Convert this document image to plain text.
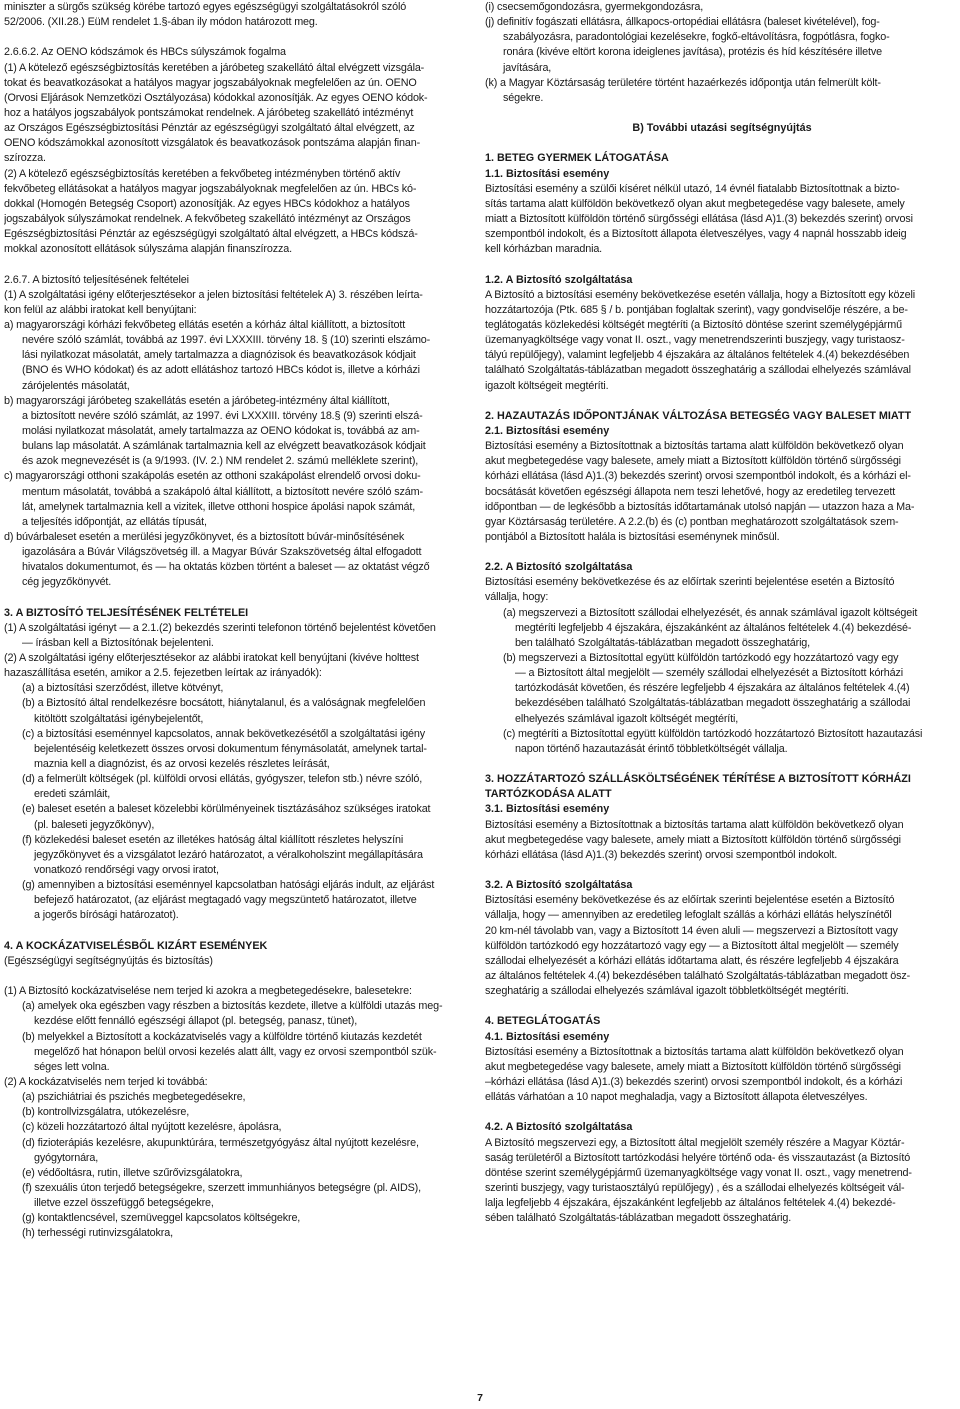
miniszter a sürgős szükség körébe tartozó egyes egészségügyi szolgáltatásokról szóló
52/2006. (XII.28.) EüM rendelet 1.§-ában ily módon határozott meg.
2.6.6.2. Az OENO kódszámok és HBCs súlyszámok fogalma
(1) A kötelező egészségbiztosítás keretében a járóbeteg szakellátó által elvégzett vizsgála-
tokat és beavatkozásokat a hatályos magyar jogszabályoknak megfelelően az ún. OENO
(Orvosi Eljárások Nemzetközi Osztályozása) kódokkal azonosítják. Az egyes OENO kódok-
hoz a hatályos jogszabályok pontszámokat rendelnek. A járóbeteg szakellátó intézményt
az Országos Egészségbiztosítási Pénztár az egészségügyi szolgáltató által elvégzett, az
OENO kódszámokkal azonosított vizsgálatok és beavatkozások pontszáma alapján finan-
szírozza.
(2) A kötelező egészségbiztosítás keretében a fekvőbeteg intézményben történő aktív
fekvőbeteg ellátásokat a hatályos magyar jogszabályoknak megfelelően az ún. HBCs kó-
dokkal (Homogén Betegség Csoport) azonosítják. Az egyes HBCs kódokhoz a hatályos
jogszabályok súlyszámokat rendelnek. A fekvőbeteg szakellátó intézményt az Országos
Egészségbiztosítási Pénztár az egészségügyi szolgáltató által elvégzett, a HBCs kódszá-
mokkal azonosított ellátások súlyszáma alapján finanszírozza.
2.6.7. A biztosító teljesítésének feltételei
(1) A szolgáltatási igény előterjesztésekor a jelen biztosítási feltételek A) 3. részében leírta-
kon felül az alábbi iratokat kell benyújtani:
a) magyarországi kórházi fekvőbeteg ellátás esetén a kórház által kiállított, a biztosított
nevére szóló számlát, továbbá az 1997. évi LXXXIII. törvény 18. § (10) szerinti elszámo-
lási nyilatkozat másolatát, amely tartalmazza a diagnózisok és beavatkozások kódjait
(BNO és WHO kódokat) és az adott ellátáshoz tartozó HBCs kódot is, illetve a kórházi
zárójelentés másolatát,
b) magyarországi járóbeteg szakellátás esetén a járóbeteg-intézmény által kiállított,
a biztosított nevére szóló számlát, az 1997. évi LXXXIII. törvény 18.§ (9) szerinti elszá-
molási nyilatkozat másolatát, amely tartalmazza az OENO kódokat is, továbbá az am-
bulans lap másolatát. A számlának tartalmaznia kell az elvégzett beavatkozások kódjait
és azok megnevezését is (a 9/1993. (IV. 2.) NM rendelet 2. számú melléklete szerint),
c) magyarországi otthoni szakápolás esetén az otthoni szakápolást elrendelő orvosi doku-
mentum másolatát, továbbá a szakápoló által kiállított, a biztosított nevére szóló szám-
lát, amelynek tartalmaznia kell a vizitek, illetve otthoni hospice ápolási napok számát,
a teljesítés időpontját, az ellátás típusát,
d) búvárbaleset esetén a merülési jegyzőkönyvet, és a biztosított búvár-minősítésének
igazolására a Búvár Világszövetség ill. a Magyar Búvár Szakszövetség által elfogadott
hivatalos dokumentumot, és — ha oktatás közben történt a baleset — az oktatást végző
cég jegyzőkönyvét.
3. A BIZTOSÍTÓ TELJESÍTÉSÉNEK FELTÉTELEI
(1) A szolgáltatási igényt — a 2.1.(2) bekezdés szerinti telefonon történő bejelentést követően
— írásban kell a Biztosítónak bejelenteni.
(2) A szolgáltatási igény előterjesztésekor az alábbi iratokat kell benyújtani (kivéve holttest
hazaszállítása esetén, amikor a 2.5. fejezetben leírtak az irányadók):
(a) a biztosítási szerződést, illetve kötvényt,
(b) a Biztosító által rendelkezésre bocsátott, hiánytalanul, és a valóságnak megfelelően
kitöltött szolgáltatási igénybejelentőt,
(c) a biztosítási eseménnyel kapcsolatos, annak bekövetkezésétől a szolgáltatási igény
bejelentéséig keletkezett összes orvosi dokumentum fénymásolatát, amelynek tartal-
maznia kell a diagnózist, és az orvosi kezelés részletes leírását,
(d) a felmerült költségek (pl. külföldi orvosi ellátás, gyógyszer, telefon stb.) névre szóló,
eredeti számláit,
(e) baleset esetén a baleset közelebbi körülményeinek tisztázásához szükséges iratokat
(pl. baleseti jegyzőkönyv),
(f) közlekedési baleset esetén az illetékes hatóság által kiállított részletes helyszíni
jegyzőkönyvet és a vizsgálatot lezáró határozatot, a véralkoholszint megállapítására
vonatkozó rendőrségi vagy orvosi iratot,
(g) amennyiben a biztosítási eseménnyel kapcsolatban hatósági eljárás indult, az eljárást
befejező határozatot, (az eljárást megtagadó vagy megszüntető határozatot, illetve
a jogerős bírósági határozatot).
4. A KOCKÁZATVISELÉSBŐL KIZÁRT ESEMÉNYEK
(Egészségügyi segítségnyújtás és biztosítás)
(1) A Biztosító kockázatviselése nem terjed ki azokra a megbetegedésekre, balesetekre:
(a) amelyek oka egészben vagy részben a biztosítás kezdete, illetve a külföldi utazás meg-
kezdése előtt fennálló egészségi állapot (pl. betegség, panasz, tünet),
(b) melyekkel a Biztosított a kockázatviselés vagy a külföldre történő kiutazás kezdetét
megelőző hat hónapon belül orvosi kezelés alatt állt, vagy ez orvosi szempontból szük-
séges lett volna.
(2) A kockázatviselés nem terjed ki továbbá:
(a) pszichiátriai és pszichés megbetegedésekre,
(b) kontrollvizsgálatra, utókezelésre,
(c) közeli hozzátartozó által nyújtott kezelésre, ápolásra,
(d) fizioterápiás kezelésre, akupunktúrára, természetgyógyász által nyújtott kezelésre,
gyógytornára,
(e) védőoltásra, rutin, illetve szűrővizsgálatokra,
(f) szexuális úton terjedő betegségekre, szerzett immunhiányos betegségre (pl. AIDS),
illetve ezzel összefüggő betegségekre,
(g) kontaktlencsével, szemüveggel kapcsolatos költségekre,
(h) terhességi rutinvizsgálatokra,
(i) csecsemőgondozásra, gyermekgondozásra,
(j) definitív fogászati ellátásra, állkapocs-ortopédiai ellátásra (baleset kivételével), fog-
szabályozásra, paradontológiai kezelésekre, fogkő-eltávolításra, fogpótlásra, fogko-
ronára (kivéve eltört korona ideiglenes javítása), protézis és híd készítésére illetve
javítására,
(k) a Magyar Köztársaság területére történt hazaérkezés időpontja után felmerült költ-
ségekre.
B) További utazási segítségnyújtás
1. BETEG GYERMEK LÁTOGATÁSA
1.1. Biztosítási esemény
Biztosítási esemény a szülői kíséret nélkül utazó, 14 évnél fiatalabb Biztosítottnak a bizto-
sítás tartama alatt külföldön bekövetkező olyan akut megbetegedése vagy balesete, amely
miatt a Biztosított külföldön történő sürgősségi ellátása (lásd A)1.(3) bekezdés szerint) orvosi
szempontból indokolt, és a Biztosított állapota életveszélyes, vagy 4 napnál hosszabb ideig
kell kórházban maradnia.
1.2. A Biztosító szolgáltatása
A Biztosító a biztosítási esemény bekövetkezése esetén vállalja, hogy a Biztosított egy közeli
hozzátartozója (Ptk. 685 § / b. pontjában foglaltak szerint), vagy gondviselője részére, a be-
teglátogatás közlekedési költségét megtéríti (a Biztosító döntése szerint személygépjármű
üzemanyagköltsége vagy vonat II. oszt., vagy menetrendszerinti buszjegy, vagy turistaosz-
tályú repülőjegy), valamint legfeljebb 4 éjszakára az általános feltételek 4.(4) bekezdésében
található Szolgáltatás-táblázatban megadott összeghatárig a szállodai elhelyezés számlával
igazolt költségeit megtéríti.
2. HAZAUTAZÁS IDŐPONTJÁNAK VÁLTOZÁSA BETEGSÉG VAGY BALESET MIATT
2.1. Biztosítási esemény
Biztosítási esemény a Biztosítottnak a biztosítás tartama alatt külföldön bekövetkező olyan
akut megbetegedése vagy balesete, amely miatt a Biztosított külföldön történő sürgősségi
kórházi ellátása (lásd A)1.(3) bekezdés szerint) orvosi szempontból indokolt, és a kórházi el-
bocsátását követően egészségi állapota nem teszi lehetővé, hogy az eredetileg tervezett
időpontban — de legkésőbb a biztosítás időtartamának utolsó napján — utazzon haza a Ma-
gyar Köztársaság területére. A 2.2.(b) és (c) pontban meghatározott szolgáltatások szem-
pontjából a Biztosított halála is biztosítási eseménynek minősül.
2.2. A Biztosító szolgáltatása
Biztosítási esemény bekövetkezése és az előírtak szerinti bejelentése esetén a Biztosító
vállalja, hogy:
(a) megszervezi a Biztosított szállodai elhelyezését, és annak számlával igazolt költségeit
megtéríti legfeljebb 4 éjszakára, éjszakánként az általános feltételek 4.(4) bekezdésé-
ben található Szolgáltatás-táblázatban megadott összeghatárig,
(b) megszervezi a Biztosítottal együtt külföldön tartózkodó egy hozzátartozó vagy egy
— a Biztosított által megjelölt — személy szállodai elhelyezését a Biztosított kórházi
tartózkodását követően, és részére legfeljebb 4 éjszakára az általános feltételek 4.(4)
bekezdésében található Szolgáltatás-táblázatban megadott összeghatárig a szállodai
elhelyezés számlával igazolt költségét megtéríti,
(c) megtéríti a Biztosítottal együtt külföldön tartózkodó hozzátartozó Biztosított hazautazási
napon történő hazautazását érintő többletköltségét vállalja.
3. HOZZÁTARTOZÓ SZÁLLÁSKÖLTSÉGÉNEK TÉRÍTÉSE A BIZTOSÍTOTT KÓRHÁZI
TARTÓZKODÁSA ALATT
3.1. Biztosítási esemény
Biztosítási esemény a Biztosítottnak a biztosítás tartama alatt külföldön bekövetkező olyan
akut megbetegedése vagy balesete, amely miatt a Biztosított külföldön történő sürgősségi
kórházi ellátása (lásd A)1.(3) bekezdés szerint) orvosi szempontból indokolt.
3.2. A Biztosító szolgáltatása
Biztosítási esemény bekövetkezése és az előírtak szerinti bejelentése esetén a Biztosító
vállalja, hogy — amennyiben az eredetileg lefoglalt szállás a kórházi ellátás helyszínétől
20 km-nél távolabb van, vagy a Biztosított 14 éven aluli — megszervezi a Biztosított vagy
külföldön tartózkodó egy hozzátartozó vagy egy — a Biztosított által megjelölt — személy
szállodai elhelyezését a kórházi ellátás időtartama alatt, és részére legfeljebb 4 éjszakára
az általános feltételek 4.(4) bekezdésében található Szolgáltatás-táblázatban megadott ösz-
szeghatárig a szállodai elhelyezés számlával igazolt többletköltségét megtéríti.
4. BETEGLÁTOGATÁS
4.1. Biztosítási esemény
Biztosítási esemény a Biztosítottnak a biztosítás tartama alatt külföldön bekövetkező olyan
akut megbetegedése vagy balesete, amely miatt a Biztosított külföldön történő sürgősségi
–kórházi ellátása (lásd A)1.(3) bekezdés szerint) orvosi szempontból indokolt, és a kórházi
ellátás várhatóan a 10 napot meghaladja, vagy a Biztosított állapota életveszélyes.
4.2. A Biztosító szolgáltatása
A Biztosító megszervezi egy, a Biztosított által megjelölt személy részére a Magyar Köztár-
saság területéről a Biztosított tartózkodási helyére történő oda- és visszautazást (a Biztosító
döntése szerint személygépjármű üzemanyagköltsége vagy vonat II. oszt., vagy menetrend-
szerinti buszjegy, vagy turistaosztályú repülőjegy) , és a szállodai elhelyezés költségeit vál-
lalja legfeljebb 4 éjszakára, éjszakánként legfeljebb az általános feltételek 4.(4) bekezdé-
sében található Szolgáltatás-táblázatban megadott összeghatárig.
7
